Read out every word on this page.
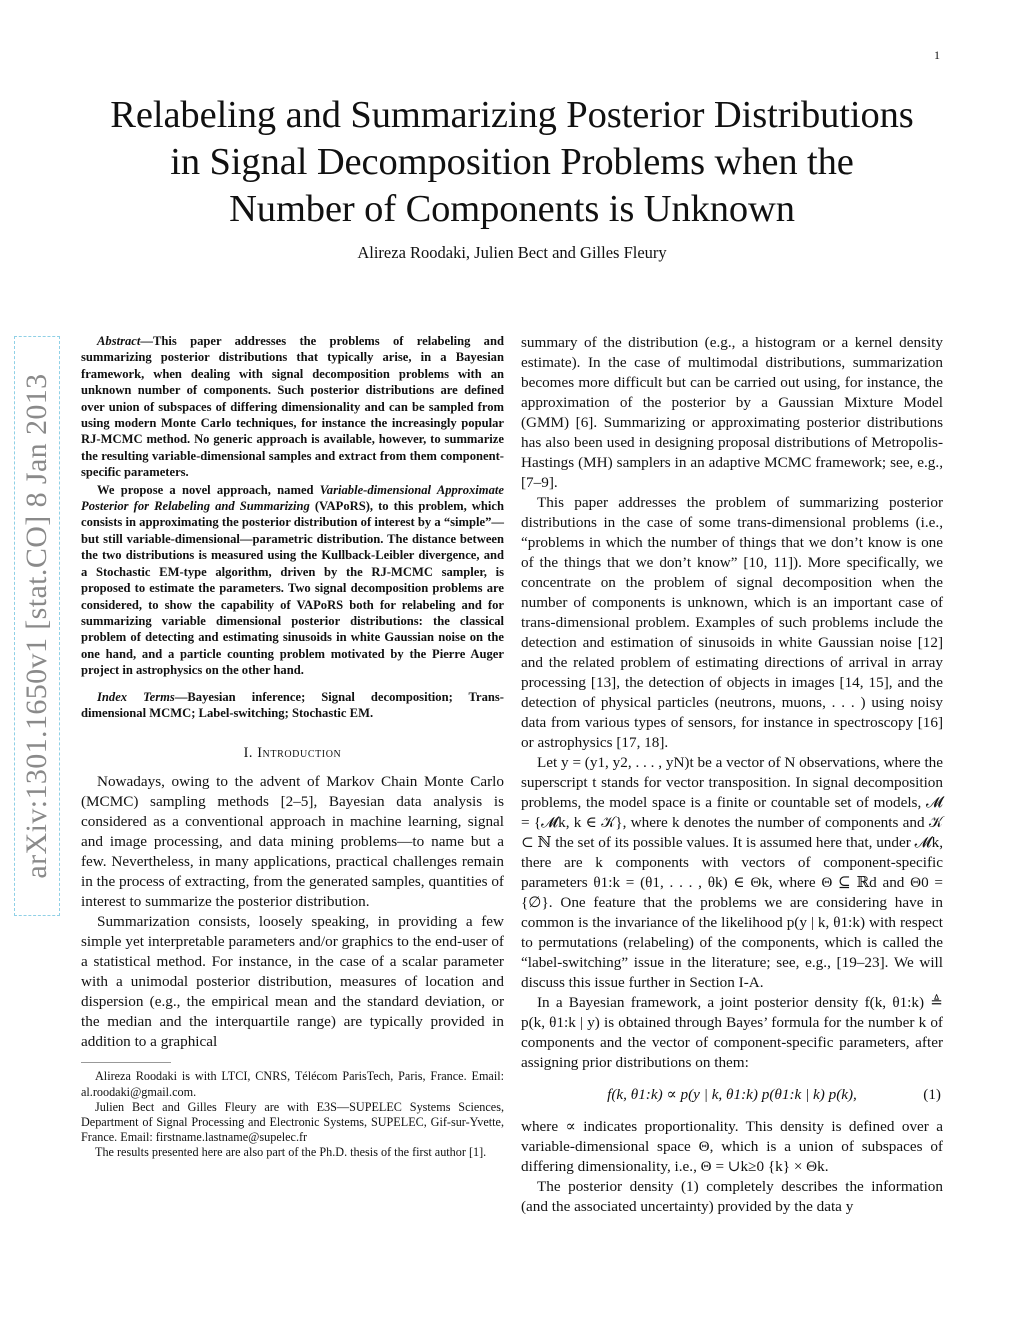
1
Relabeling and Summarizing Posterior Distributions
in Signal Decomposition Problems when the
Number of Components is Unknown
Alireza Roodaki, Julien Bect and Gilles Fleury
arXiv:1301.1650v1 [stat.CO] 8 Jan 2013

Abstract—This paper addresses the problems of relabeling and summarizing posterior distributions that typically arise, in a Bayesian framework, when dealing with signal decomposition problems with an unknown number of components. Such posterior distributions are defined over union of subspaces of differing dimensionality and can be sampled from using modern Monte Carlo techniques, for instance the increasingly popular RJ-MCMC method. No generic approach is available, however, to summarize the resulting variable-dimensional samples and extract from them component-specific parameters.

We propose a novel approach, named Variable-dimensional Approximate Posterior for Relabeling and Summarizing (VAPoRS), to this problem, which consists in approximating the posterior distribution of interest by a “simple”—but still variable-dimensional—parametric distribution. The distance between the two distributions is measured using the Kullback-Leibler divergence, and a Stochastic EM-type algorithm, driven by the RJ-MCMC sampler, is proposed to estimate the parameters. Two signal decomposition problems are considered, to show the capability of VAPoRS both for relabeling and for summarizing variable dimensional posterior distributions: the classical problem of detecting and estimating sinusoids in white Gaussian noise on the one hand, and a particle counting problem motivated by the Pierre Auger project in astrophysics on the other hand.

Index Terms—Bayesian inference; Signal decomposition; Trans-dimensional MCMC; Label-switching; Stochastic EM.

I. Introduction

Nowadays, owing to the advent of Markov Chain Monte Carlo (MCMC) sampling methods [2–5], Bayesian data analysis is considered as a conventional approach in machine learning, signal and image processing, and data mining problems—to name but a few. Nevertheless, in many applications, practical challenges remain in the process of extracting, from the generated samples, quantities of interest to summarize the posterior distribution.

Summarization consists, loosely speaking, in providing a few simple yet interpretable parameters and/or graphics to the end-user of a statistical method. For instance, in the case of a scalar parameter with a unimodal posterior distribution, measures of location and dispersion (e.g., the empirical mean and the standard deviation, or the median and the interquartile range) are typically provided in addition to a graphical

Alireza Roodaki is with LTCI, CNRS, Télécom ParisTech, Paris, France. Email: al.roodaki@gmail.com.

Julien Bect and Gilles Fleury are with E3S—SUPELEC Systems Sciences, Department of Signal Processing and Electronic Systems, SUPELEC, Gif-sur-Yvette, France. Email: firstname.lastname@supelec.fr

The results presented here are also part of the Ph.D. thesis of the first author [1].

summary of the distribution (e.g., a histogram or a kernel density estimate). In the case of multimodal distributions, summarization becomes more difficult but can be carried out using, for instance, the approximation of the posterior by a Gaussian Mixture Model (GMM) [6]. Summarizing or approximating posterior distributions has also been used in designing proposal distributions of Metropolis-Hastings (MH) samplers in an adaptive MCMC framework; see, e.g., [7–9].

This paper addresses the problem of summarizing posterior distributions in the case of some trans-dimensional problems (i.e., “problems in which the number of things that we don’t know is one of the things that we don’t know” [10, 11]). More specifically, we concentrate on the problem of signal decomposition when the number of components is unknown, which is an important case of trans-dimensional problem. Examples of such problems include the detection and estimation of sinusoids in white Gaussian noise [12] and the related problem of estimating directions of arrival in array processing [13], the detection of objects in images [14, 15], and the detection of physical particles (neutrons, muons, . . . ) using noisy data from various types of sensors, for instance in spectroscopy [16] or astrophysics [17, 18].

Let y = (y1, y2, . . . , yN)t be a vector of N observations, where the superscript t stands for vector transposition. In signal decomposition problems, the model space is a finite or countable set of models, 𝓜 = {𝓜k, k ∈ 𝒦}, where k denotes the number of components and 𝒦 ⊂ ℕ the set of its possible values. It is assumed here that, under 𝓜k, there are k components with vectors of component-specific parameters θ1:k = (θ1, . . . , θk) ∈ Θk, where Θ ⊆ ℝd and Θ0 = {∅}. One feature that the problems we are considering have in common is the invariance of the likelihood p(y | k, θ1:k) with respect to permutations (relabeling) of the components, which is called the “label-switching” issue in the literature; see, e.g., [19–23]. We will discuss this issue further in Section I-A.

In a Bayesian framework, a joint posterior density f(k, θ1:k) ≜ p(k, θ1:k | y) is obtained through Bayes’ formula for the number k of components and the vector of component-specific parameters, after assigning prior distributions on them:

f(k, θ1:k) ∝ p(y | k, θ1:k) p(θ1:k | k) p(k),	(1)

where ∝ indicates proportionality. This density is defined over a variable-dimensional space Θ, which is a union of subspaces of differing dimensionality, i.e., Θ = ∪k≥0 {k} × Θk.

The posterior density (1) completely describes the information (and the associated uncertainty) provided by the data y
